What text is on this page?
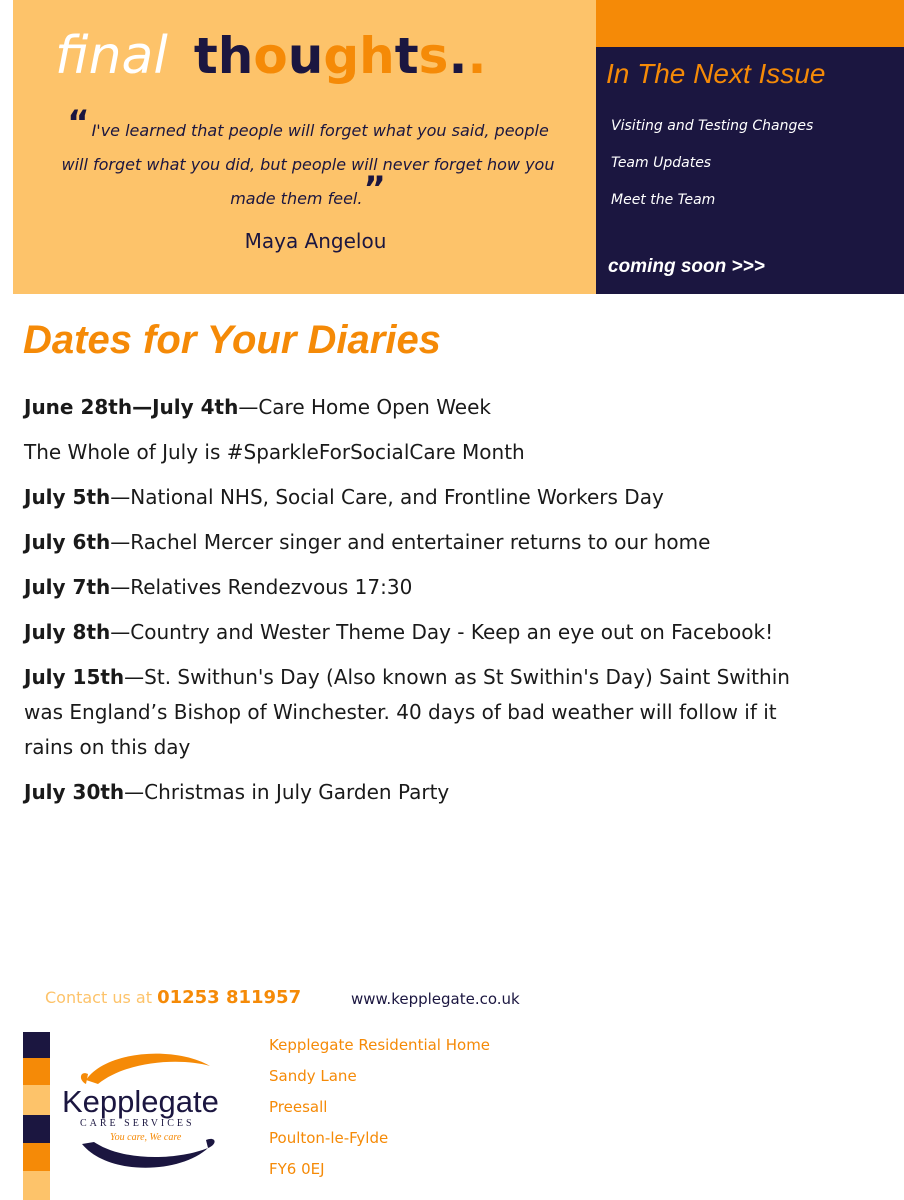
final thoughts..
“ I've learned that people will forget what you said, people will forget what you did, but people will never forget how you made them feel.”
Maya Angelou
In The Next Issue
Visiting and Testing Changes
Team Updates
Meet the Team
coming soon >>>
Dates for Your Diaries

June 28th—July 4th—Care Home Open Week

The Whole of July is #SparkleForSocialCare Month

July 5th—National NHS, Social Care, and Frontline Workers Day

July 6th—Rachel Mercer singer and entertainer returns to our home

July 7th—Relatives Rendezvous 17:30

July 8th—Country and Wester Theme Day - Keep an eye out on Facebook!

July 15th—St. Swithun's Day (Also known as St Swithin's Day) Saint Swithin was England’s Bishop of Winchester. 40 days of bad weather will follow if it rains on this day

July 30th—Christmas in July Garden Party

Contact us at 01253 811957	www.kepplegate.co.uk
Kepplegate
CARE SERVICES
You care, We care
Kepplegate Residential Home
Sandy Lane
Preesall
Poulton-le-Fylde
FY6 0EJ
